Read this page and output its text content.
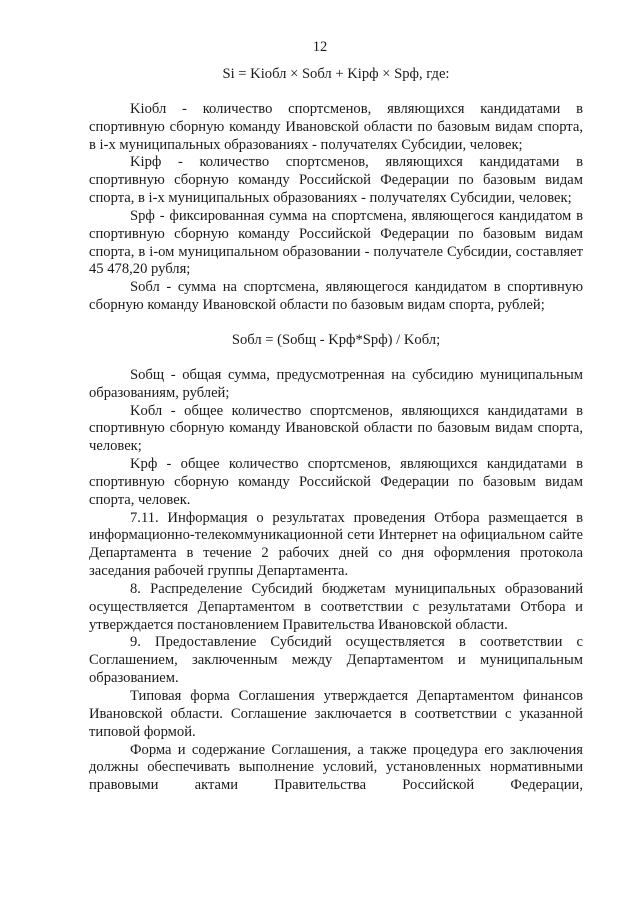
12

Si = Kiобл × Sобл + Kiрф × Sрф, где:

Kiобл - количество спортсменов, являющихся кандидатами в спортивную сборную команду Ивановской области по базовым видам спорта, в i-х муниципальных образованиях - получателях Субсидии, человек;

Kiрф - количество спортсменов, являющихся кандидатами в спортивную сборную команду Российской Федерации по базовым видам спорта, в i-х муниципальных образованиях - получателях Субсидии, человек;

Sрф - фиксированная сумма на спортсмена, являющегося кандидатом в спортивную сборную команду Российской Федерации по базовым видам спорта, в i-ом муниципальном образовании - получателе Субсидии, составляет 45 478,20 рубля;

Sобл - сумма на спортсмена, являющегося кандидатом в спортивную сборную команду Ивановской области по базовым видам спорта, рублей;

Sобл = (Sобщ - Kрф*Sрф) / Kобл;

Sобщ - общая сумма, предусмотренная на субсидию муниципальным образованиям, рублей;

Kобл - общее количество спортсменов, являющихся кандидатами в спортивную сборную команду Ивановской области по базовым видам спорта, человек;

Kрф - общее количество спортсменов, являющихся кандидатами в спортивную сборную команду Российской Федерации по базовым видам спорта, человек.

7.11. Информация о результатах проведения Отбора размещается в информационно-телекоммуникационной сети Интернет на официальном сайте Департамента в течение 2 рабочих дней со дня оформления протокола заседания рабочей группы Департамента.

8. Распределение Субсидий бюджетам муниципальных образований осуществляется Департаментом в соответствии с результатами Отбора и утверждается постановлением Правительства Ивановской области.

9. Предоставление Субсидий осуществляется в соответствии с Соглашением, заключенным между Департаментом и муниципальным образованием.

Типовая форма Соглашения утверждается Департаментом финансов Ивановской области. Соглашение заключается в соответствии с указанной типовой формой.

Форма и содержание Соглашения, а также процедура его заключения должны обеспечивать выполнение условий, установленных нормативными правовыми актами Правительства Российской Федерации,
